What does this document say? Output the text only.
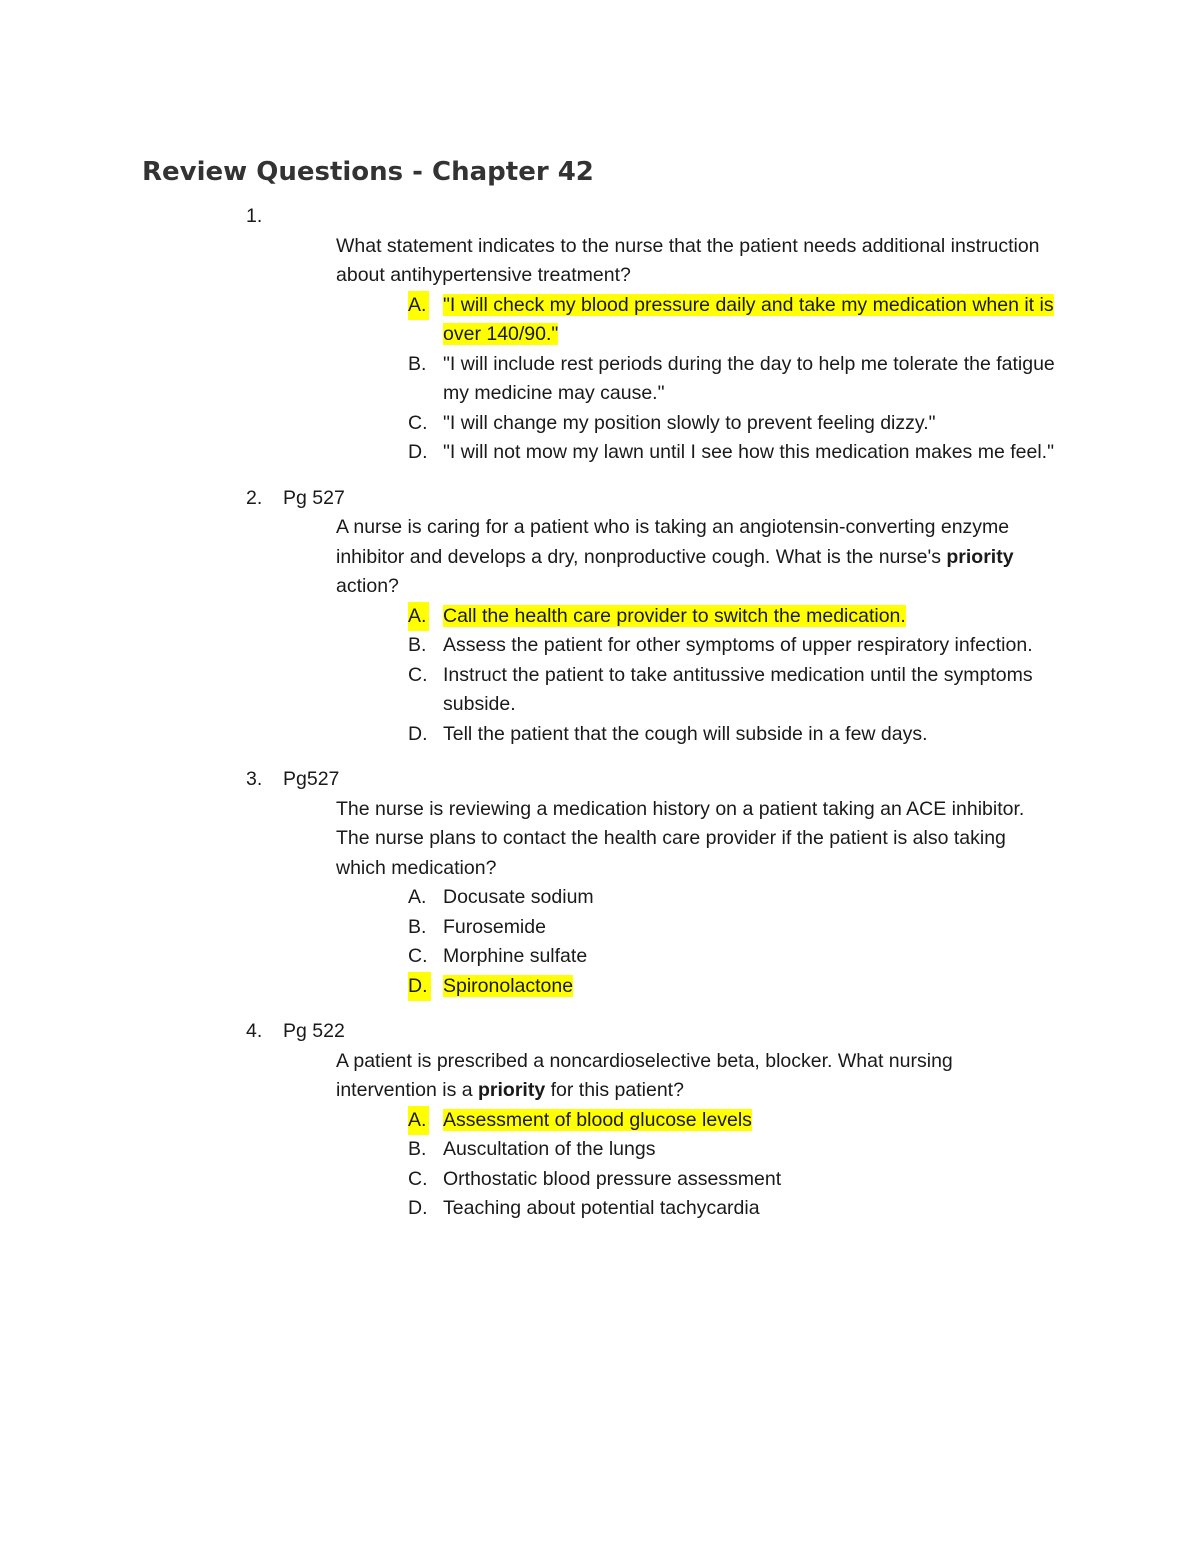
Review Questions - Chapter 42
1.
What statement indicates to the nurse that the patient needs additional instruction about antihypertensive treatment?
A. "I will check my blood pressure daily and take my medication when it is over 140/90."
B. "I will include rest periods during the day to help me tolerate the fatigue my medicine may cause."
C. "I will change my position slowly to prevent feeling dizzy."
D. "I will not mow my lawn until I see how this medication makes me feel."
2. Pg 527
A nurse is caring for a patient who is taking an angiotensin-converting enzyme inhibitor and develops a dry, nonproductive cough. What is the nurse's priority action?
A. Call the health care provider to switch the medication.
B. Assess the patient for other symptoms of upper respiratory infection.
C. Instruct the patient to take antitussive medication until the symptoms subside.
D. Tell the patient that the cough will subside in a few days.
3. Pg527
The nurse is reviewing a medication history on a patient taking an ACE inhibitor. The nurse plans to contact the health care provider if the patient is also taking which medication?
A. Docusate sodium
B. Furosemide
C. Morphine sulfate
D. Spironolactone
4. Pg 522
A patient is prescribed a noncardioselective beta, blocker. What nursing intervention is a priority for this patient?
A. Assessment of blood glucose levels
B. Auscultation of the lungs
C. Orthostatic blood pressure assessment
D. Teaching about potential tachycardia
